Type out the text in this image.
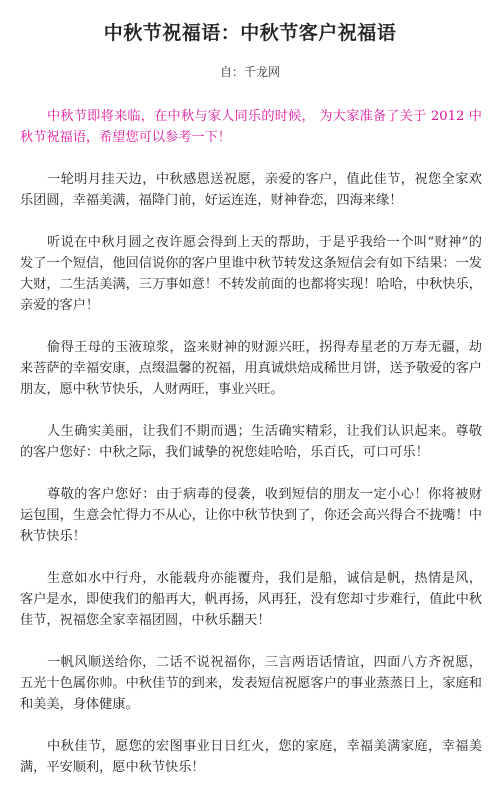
中秋节祝福语：中秋节客户祝福语
自：千龙网

中秋节即将来临，在中秋与家人同乐的时候， 为大家准备了关于 2012 中秋节祝福语，希望您可以参考一下！

一轮明月挂天边，中秋感恩送祝愿，亲爱的客户，值此佳节，祝您全家欢乐团圆，幸福美满，福降门前，好运连连，财神眷恋，四海来缘！

听说在中秋月圆之夜许愿会得到上天的帮助，于是乎我给一个叫“财神”的发了一个短信，他回信说你的客户里谁中秋节转发这条短信会有如下结果：一发大财，二生活美满，三万事如意！不转发前面的也都将实现！哈哈，中秋快乐，亲爱的客户！

偷得王母的玉液琼浆，盗来财神的财源兴旺，拐得寿星老的万寿无疆，劫来菩萨的幸福安康，点缀温馨的祝福，用真诚烘焙成稀世月饼，送予敬爱的客户朋友，愿中秋节快乐，人财两旺，事业兴旺。

人生确实美丽，让我们不期而遇；生活确实精彩，让我们认识起来。尊敬的客户您好：中秋之际，我们诚挚的祝您娃哈哈，乐百氏，可口可乐！

尊敬的客户您好：由于病毒的侵袭，收到短信的朋友一定小心！你将被财运包围，生意会忙得力不从心，让你中秋节快到了，你还会高兴得合不拢嘴！中秋节快乐！

生意如水中行舟，水能载舟亦能覆舟，我们是船，诚信是帆，热情是风，客户是水，即使我们的船再大，帆再扬，风再狂，没有您却寸步难行，值此中秋佳节，祝福您全家幸福团圆，中秋乐翻天！

一帆风顺送给你，二话不说祝福你，三言两语话情谊，四面八方齐祝愿，五光十色属你帅。中秋佳节的到来，发表短信祝愿客户的事业蒸蒸日上，家庭和和美美，身体健康。

中秋佳节，愿您的宏图事业日日红火，您的家庭，幸福美满家庭，幸福美满，平安顺利，愿中秋节快乐！
